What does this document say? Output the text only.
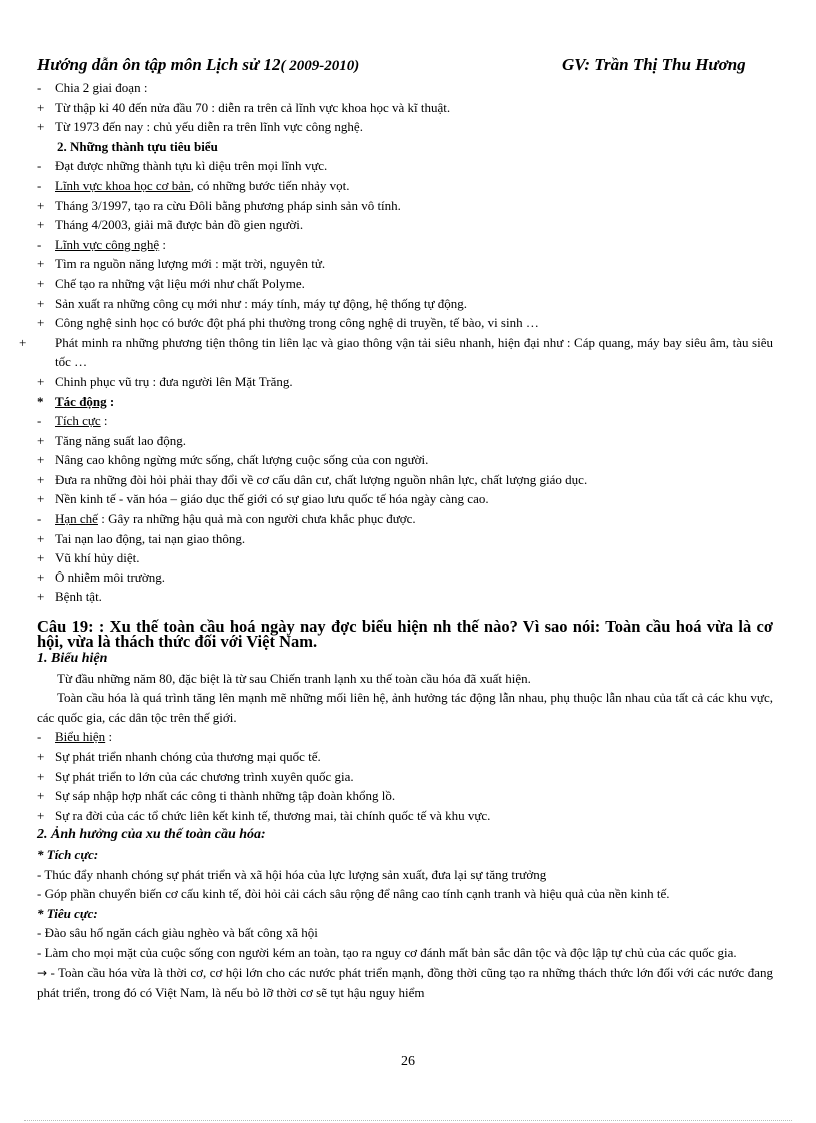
Hướng dẫn ôn tập môn Lịch sử 12( 2009-2010)	GV: Trần Thị Thu Hương
- Chia 2 giai đoạn :
+ Từ thập kỉ 40 đến nửa đầu 70 : diễn ra trên cả lĩnh vực khoa học và kĩ thuật.
+ Từ 1973 đến nay : chủ yếu diễn ra trên lĩnh vực công nghệ.
2. Những thành tựu tiêu biểu
- Đạt được những thành tựu kì diệu trên mọi lĩnh vực.
- Lĩnh vực khoa học cơ bản, có những bước tiến nhảy vọt.
+ Tháng 3/1997, tạo ra cừu Đôli bằng phương pháp sinh sản vô tính.
+ Tháng 4/2003, giải mã được bản đồ gien người.
- Lĩnh vực công nghệ :
+ Tìm ra nguồn năng lượng mới : mặt trời, nguyên tử.
+ Chế tạo ra những vật liệu mới như chất Polyme.
+ Sản xuất ra những công cụ mới như : máy tính, máy tự động, hệ thống tự động.
+ Công nghệ sinh học có bước đột phá phi thường trong công nghệ di truyền, tế bào, vi sinh …
+ Phát minh ra những phương tiện thông tin liên lạc và giao thông vận tải siêu nhanh, hiện đại như : Cáp quang, máy bay siêu âm, tàu siêu tốc …
+ Chinh phục vũ trụ : đưa người lên Mặt Trăng.
* Tác động :
- Tích cực :
+ Tăng năng suất lao động.
+ Nâng cao không ngừng mức sống, chất lượng cuộc sống của con người.
+ Đưa ra những đòi hỏi phải thay đổi về cơ cấu dân cư, chất lượng nguồn nhân lực, chất lượng giáo dục.
+ Nền kinh tế - văn hóa – giáo dục thế giới có sự giao lưu quốc tế hóa ngày càng cao.
- Hạn chế : Gây ra những hậu quả mà con người chưa khắc phục được.
+ Tai nạn lao động, tai nạn giao thông.
+ Vũ khí hủy diệt.
+ Ô nhiễm môi trường.
+ Bệnh tật.
Câu 19: : Xu thế toàn cầu hoá ngày nay đợc biểu hiện nh thế nào? Vì sao nói: Toàn cầu hoá vừa là cơ hội, vừa là thách thức đối với Việt Nam.
1. Biểu hiện
Từ đầu những năm 80, đặc biệt là từ sau Chiến tranh lạnh xu thế toàn cầu hóa đã xuất hiện.
Toàn cầu hóa là quá trình tăng lên mạnh mẽ những mối liên hệ, ảnh hưởng tác động lẫn nhau, phụ thuộc lẫn nhau của tất cả các khu vực, các quốc gia, các dân tộc trên thế giới.
- Biểu hiện :
+ Sự phát triển nhanh chóng của thương mại quốc tế.
+ Sự phát triển to lớn của các chương trình xuyên quốc gia.
+ Sự sáp nhập hợp nhất các công ti thành những tập đoàn khổng lồ.
+ Sự ra đời của các tổ chức liên kết kinh tế, thương mai, tài chính quốc tế và khu vực.
2. Ảnh hưởng của xu thế toàn cầu hóa:
* Tích cực:
- Thúc đẩy nhanh chóng sự phát triển và xã hội hóa của lực lượng sản xuất, đưa lại sự tăng trưởng
- Góp phần chuyển biến cơ cấu kinh tế, đòi hỏi cải cách sâu rộng để nâng cao tính cạnh tranh và hiệu quả của nền kinh tế.
* Tiêu cực:
- Đào sâu hố ngăn cách giàu nghèo và bất công xã hội
- Làm cho mọi mặt của cuộc sống con người kém an toàn, tạo ra nguy cơ đánh mất bản sắc dân tộc và độc lập tự chủ của các quốc gia.
→ - Toàn cầu hóa vừa là thời cơ, cơ hội lớn cho các nước phát triển mạnh, đồng thời cũng tạo ra những thách thức lớn đối với các nước đang phát triển, trong đó có Việt Nam, là nếu bỏ lỡ thời cơ sẽ tụt hậu nguy hiểm
26
